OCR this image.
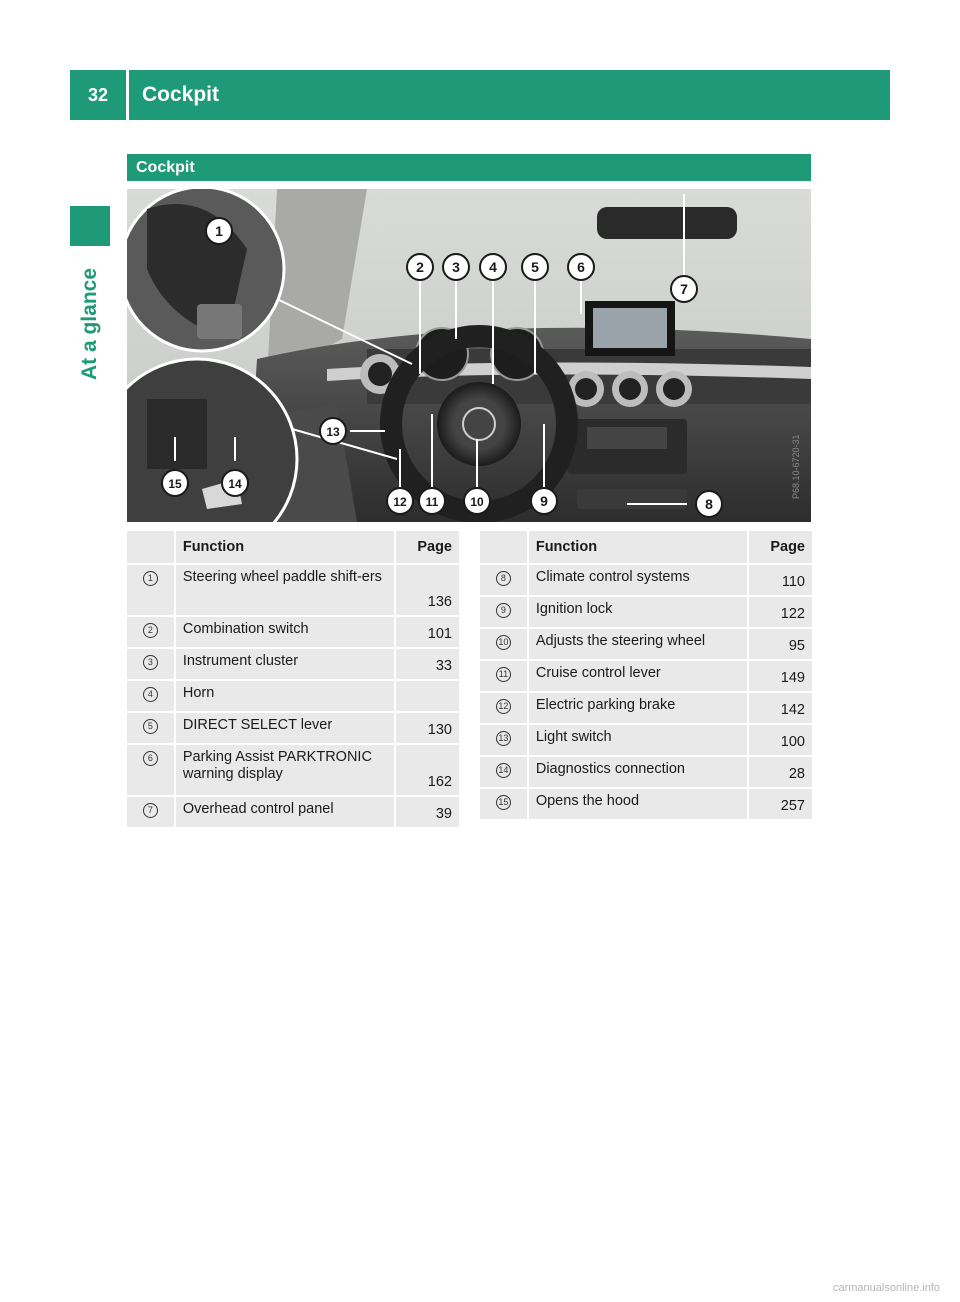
32	Cockpit
At a glance
Cockpit
1
2 3 4 5	6
7
8
9
10
11
12
13
14
15	P68.10-6720-31
	Function	Page
1	Steering wheel paddle shift-ers	136
2	Combination switch	101
3	Instrument cluster	33
4	Horn	
5	DIRECT SELECT lever	130
6	Parking Assist PARKTRONIC warning display	162
7	Overhead control panel	39
	Function	Page
8	Climate control systems	110
9	Ignition lock	122
10	Adjusts the steering wheel	95
11	Cruise control lever	149
12	Electric parking brake	142
13	Light switch	100
14	Diagnostics connection	28
15	Opens the hood	257
carmanualsonline.info
